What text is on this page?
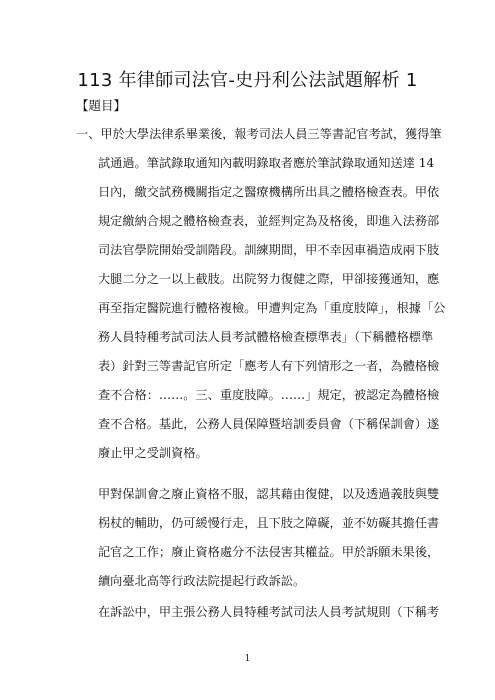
113 年律師司法官-史丹利公法試題解析 1
【題目】
一、甲於大學法律系畢業後，報考司法人員三等書記官考試，獲得筆
試通過。筆試錄取通知內載明錄取者應於筆試錄取通知送達 14
日內，繳交試務機關指定之醫療機構所出具之體格檢查表。甲依
規定繳納合規之體格檢查表，並經判定為及格後，即進入法務部
司法官學院開始受訓階段。訓練期間，甲不幸因車禍造成兩下肢
大腿二分之一以上截肢。出院努力復健之際，甲卻接獲通知，應
再至指定醫院進行體格複檢。甲遭判定為「重度肢障」，根據「公
務人員特種考試司法人員考試體格檢查標準表」（下稱體格標準
表）針對三等書記官所定「應考人有下列情形之一者，為體格檢
查不合格：……。三、重度肢障。……」規定，被認定為體格檢
查不合格。基此，公務人員保障暨培訓委員會（下稱保訓會）遂
廢止甲之受訓資格。
甲對保訓會之廢止資格不服，認其藉由復健，以及透過義肢與雙
柺杖的輔助，仍可緩慢行走，且下肢之障礙，並不妨礙其擔任書
記官之工作；廢止資格處分不法侵害其權益。甲於訴願未果後，
續向臺北高等行政法院提起行政訴訟。
在訴訟中，甲主張公務人員特種考試司法人員考試規則（下稱考
1
